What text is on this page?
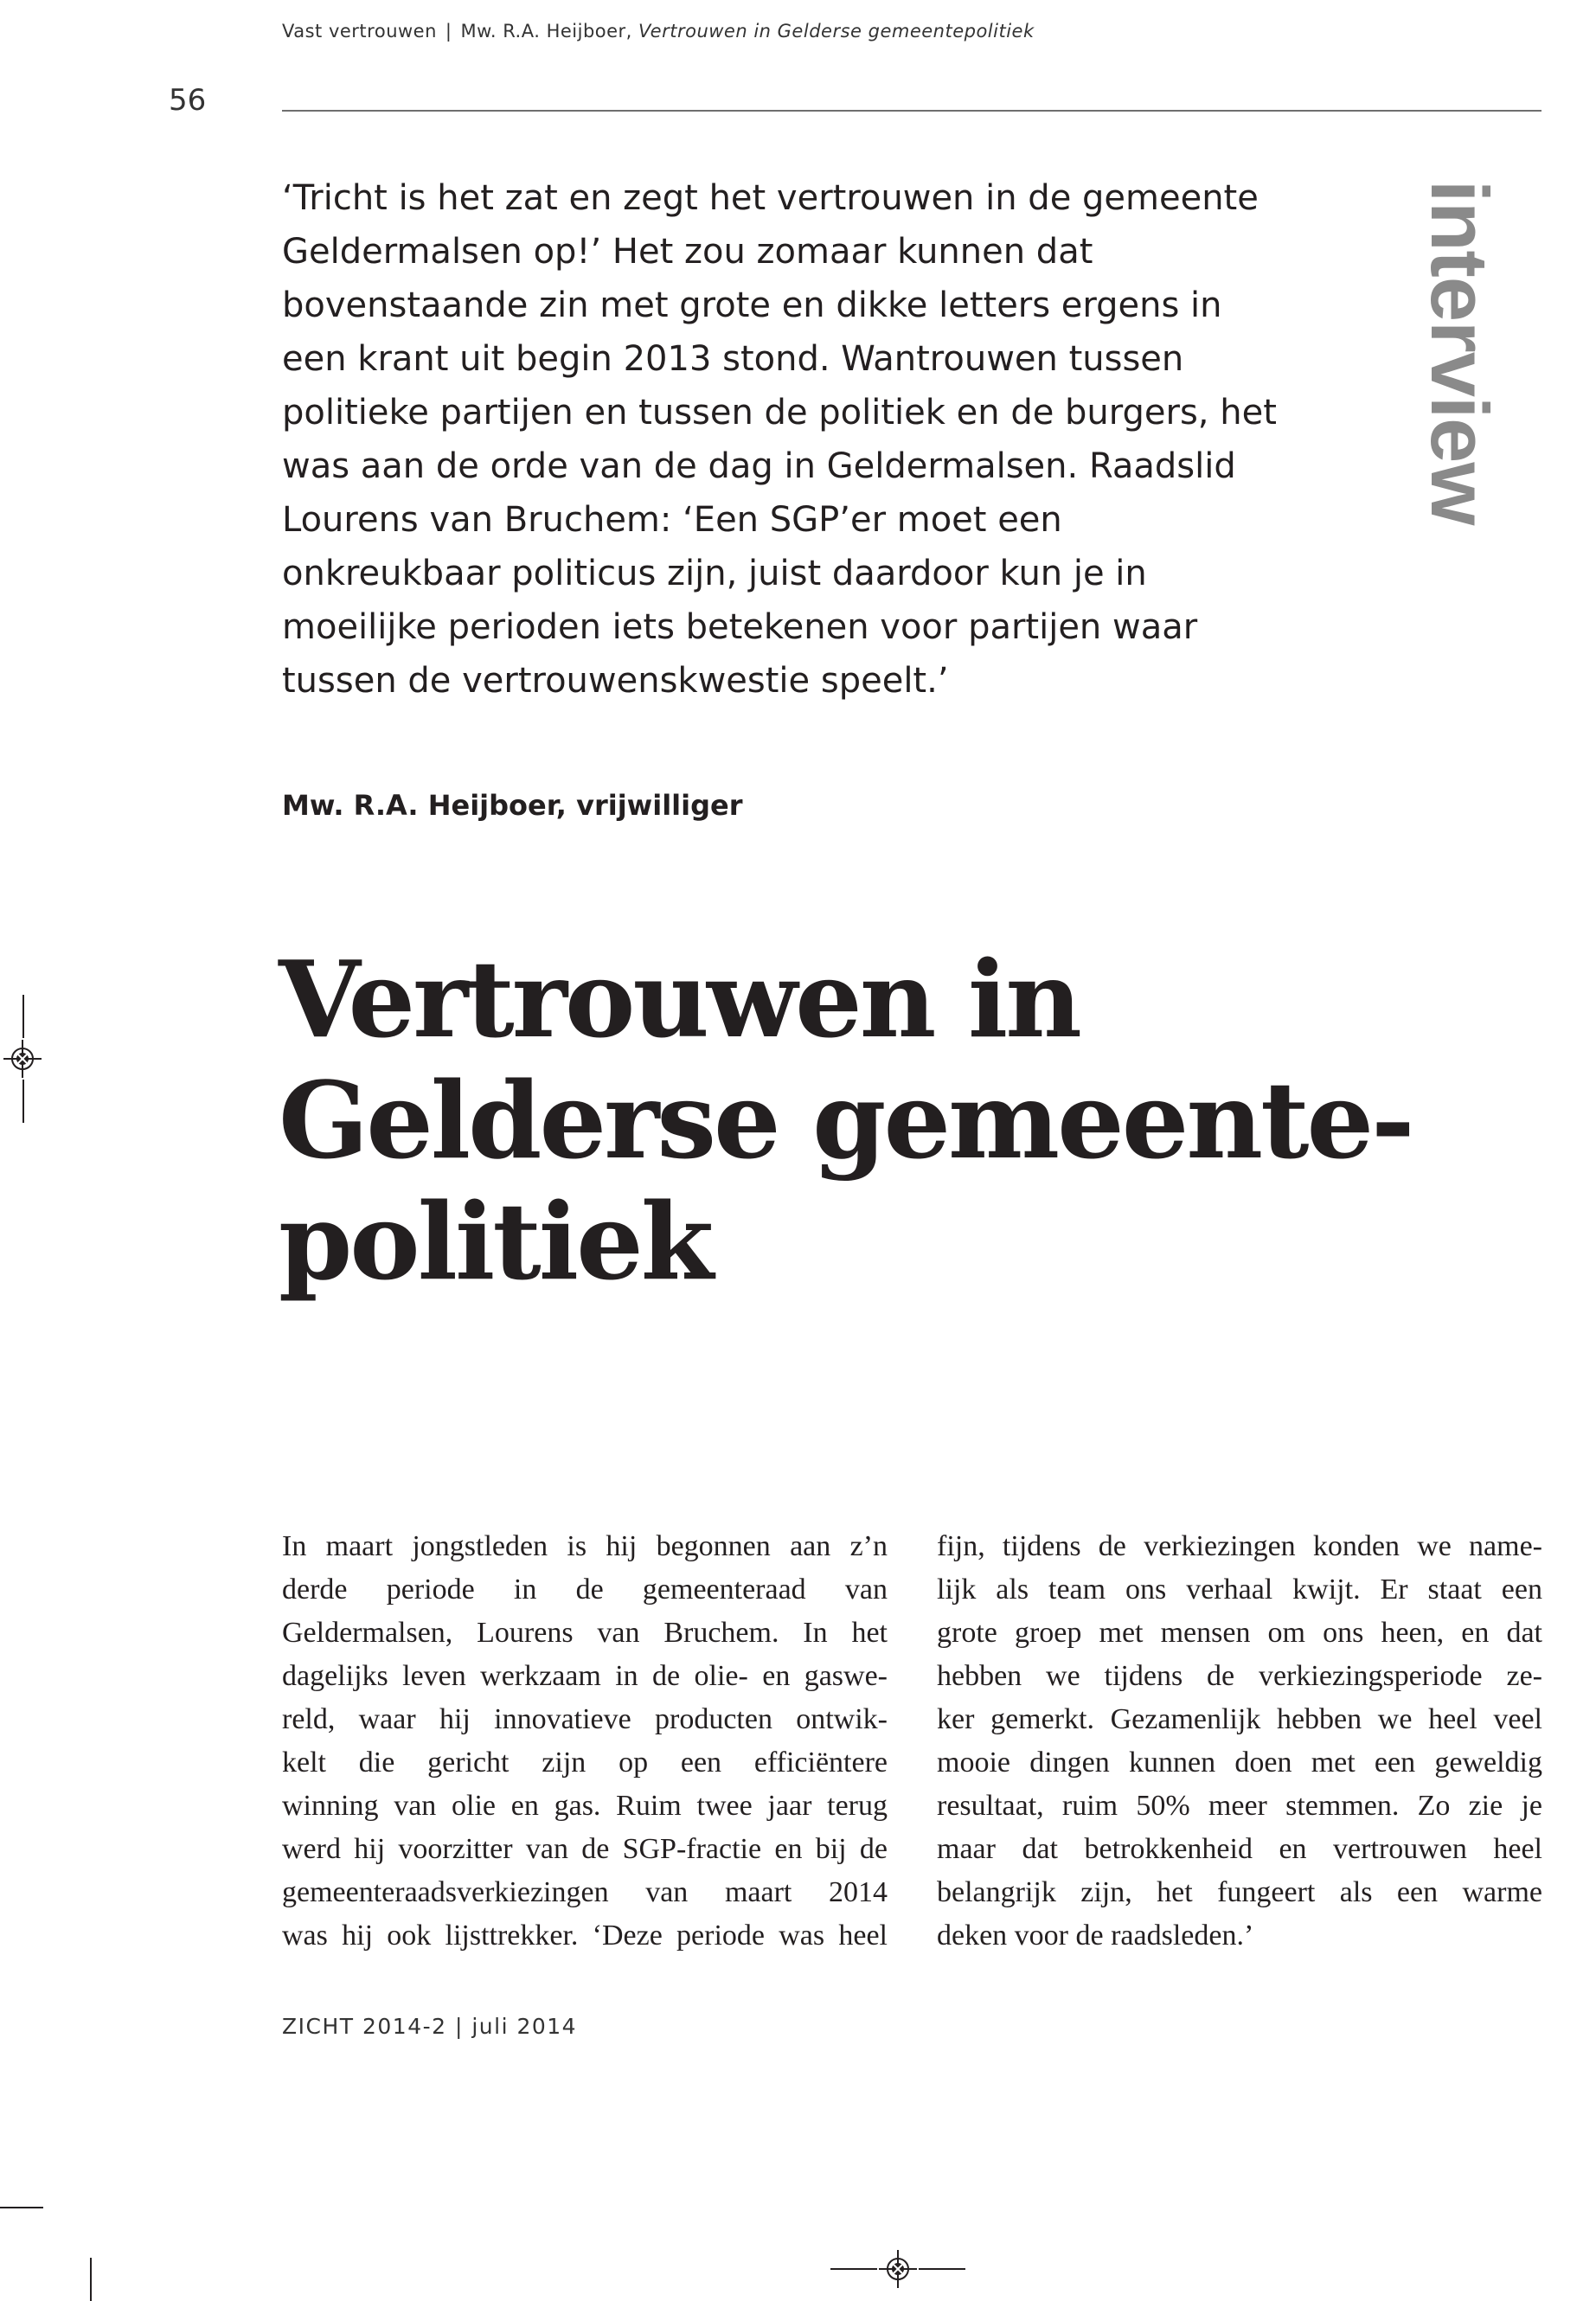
Vast vertrouwen | Mw. R.A. Heijboer, Vertrouwen in Gelderse gemeentepolitiek
56
interview

‘Tricht is het zat en zegt het vertrouwen in de gemeente Geldermalsen op!’ Het zou zomaar kunnen dat bovenstaande zin met grote en dikke letters ergens in een krant uit begin 2013 stond. Wantrouwen tussen politieke partijen en tussen de politiek en de burgers, het was aan de orde van de dag in Geldermalsen. Raadslid Lourens van Bruchem: ‘Een SGP’er moet een onkreukbaar politicus zijn, juist daardoor kun je in moeilijke perioden iets betekenen voor partijen waar tussen de vertrouwenskwestie speelt.’

Mw. R.A. Heijboer, vrijwilliger
Vertrouwen in
Gelderse gemeente-
politiek
In maart jongstleden is hij begonnen aan z’n
derde periode in de gemeenteraad van
Geldermalsen, Lourens van Bruchem. In het
dagelijks leven werkzaam in de olie- en gaswe-
reld, waar hij innovatieve producten ontwik-
kelt die gericht zijn op een efficiëntere
winning van olie en gas. Ruim twee jaar terug
werd hij voorzitter van de SGP-fractie en bij de
gemeenteraadsverkiezingen van maart 2014
was hij ook lijsttrekker. ‘Deze periode was heel
fijn, tijdens de verkiezingen konden we name-
lijk als team ons verhaal kwijt. Er staat een
grote groep met mensen om ons heen, en dat
hebben we tijdens de verkiezingsperiode ze-
ker gemerkt. Gezamenlijk hebben we heel veel
mooie dingen kunnen doen met een geweldig
resultaat, ruim 50% meer stemmen. Zo zie je
maar dat betrokkenheid en vertrouwen heel
belangrijk zijn, het fungeert als een warme
deken voor de raadsleden.’
ZICHT 2014-2 | juli 2014
